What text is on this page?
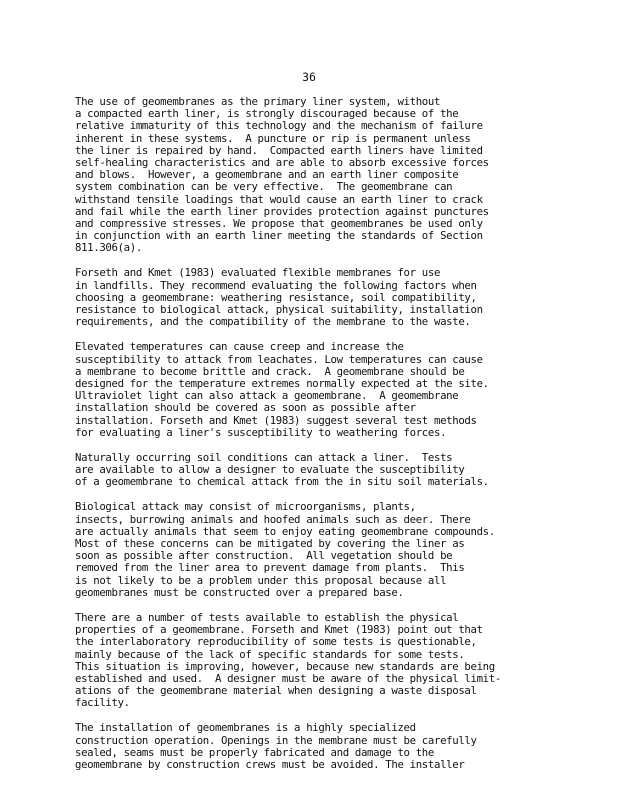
36
The use of geomembranes as the primary liner system, without
a compacted earth liner, is strongly discouraged because of the
relative immaturity of this technology and the mechanism of failure
inherent in these systems.  A puncture or rip is permanent unless
the liner is repaired by hand.  Compacted earth liners have limited
self-healing characteristics and are able to absorb excessive forces
and blows.  However, a geomembrane and an earth liner composite
system combination can be very effective.  The geomembrane can
withstand tensile loadings that would cause an earth liner to crack
and fail while the earth liner provides protection against punctures
and compressive stresses. We propose that geomembranes be used only
in conjunction with an earth liner meeting the standards of Section
811.306(a).
Forseth and Kmet (1983) evaluated flexible membranes for use
in landfills. They recommend evaluating the following factors when
choosing a geomembrane: weathering resistance, soil compatibility,
resistance to biological attack, physical suitability, installation
requirements, and the compatibility of the membrane to the waste.
Elevated temperatures can cause creep and increase the
susceptibility to attack from leachates. Low temperatures can cause
a membrane to become brittle and crack.  A geomembrane should be
designed for the temperature extremes normally expected at the site.
Ultraviolet light can also attack a geomembrane.  A geomembrane
installation should be covered as soon as possible after
installation. Forseth and Kmet (1983) suggest several test methods
for evaluating a liner's susceptibility to weathering forces.
Naturally occurring soil conditions can attack a liner.  Tests
are available to allow a designer to evaluate the susceptibility
of a geomembrane to chemical attack from the in situ soil materials.
Biological attack may consist of microorganisms, plants,
insects, burrowing animals and hoofed animals such as deer. There
are actually animals that seem to enjoy eating geomembrane compounds.
Most of these concerns can be mitigated by covering the liner as
soon as possible after construction.  All vegetation should be
removed from the liner area to prevent damage from plants.  This
is not likely to be a problem under this proposal because all
geomembranes must be constructed over a prepared base.
There are a number of tests available to establish the physical
properties of a geomembrane. Forseth and Kmet (1983) point out that
the interlaboratory reproducibility of some tests is questionable,
mainly because of the lack of specific standards for some tests.
This situation is improving, however, because new standards are being
established and used.  A designer must be aware of the physical limit-
ations of the geomembrane material when designing a waste disposal
facility.
The installation of geomembranes is a highly specialized
construction operation. Openings in the membrane must be carefully
sealed, seams must be properly fabricated and damage to the
geomembrane by construction crews must be avoided. The installer
